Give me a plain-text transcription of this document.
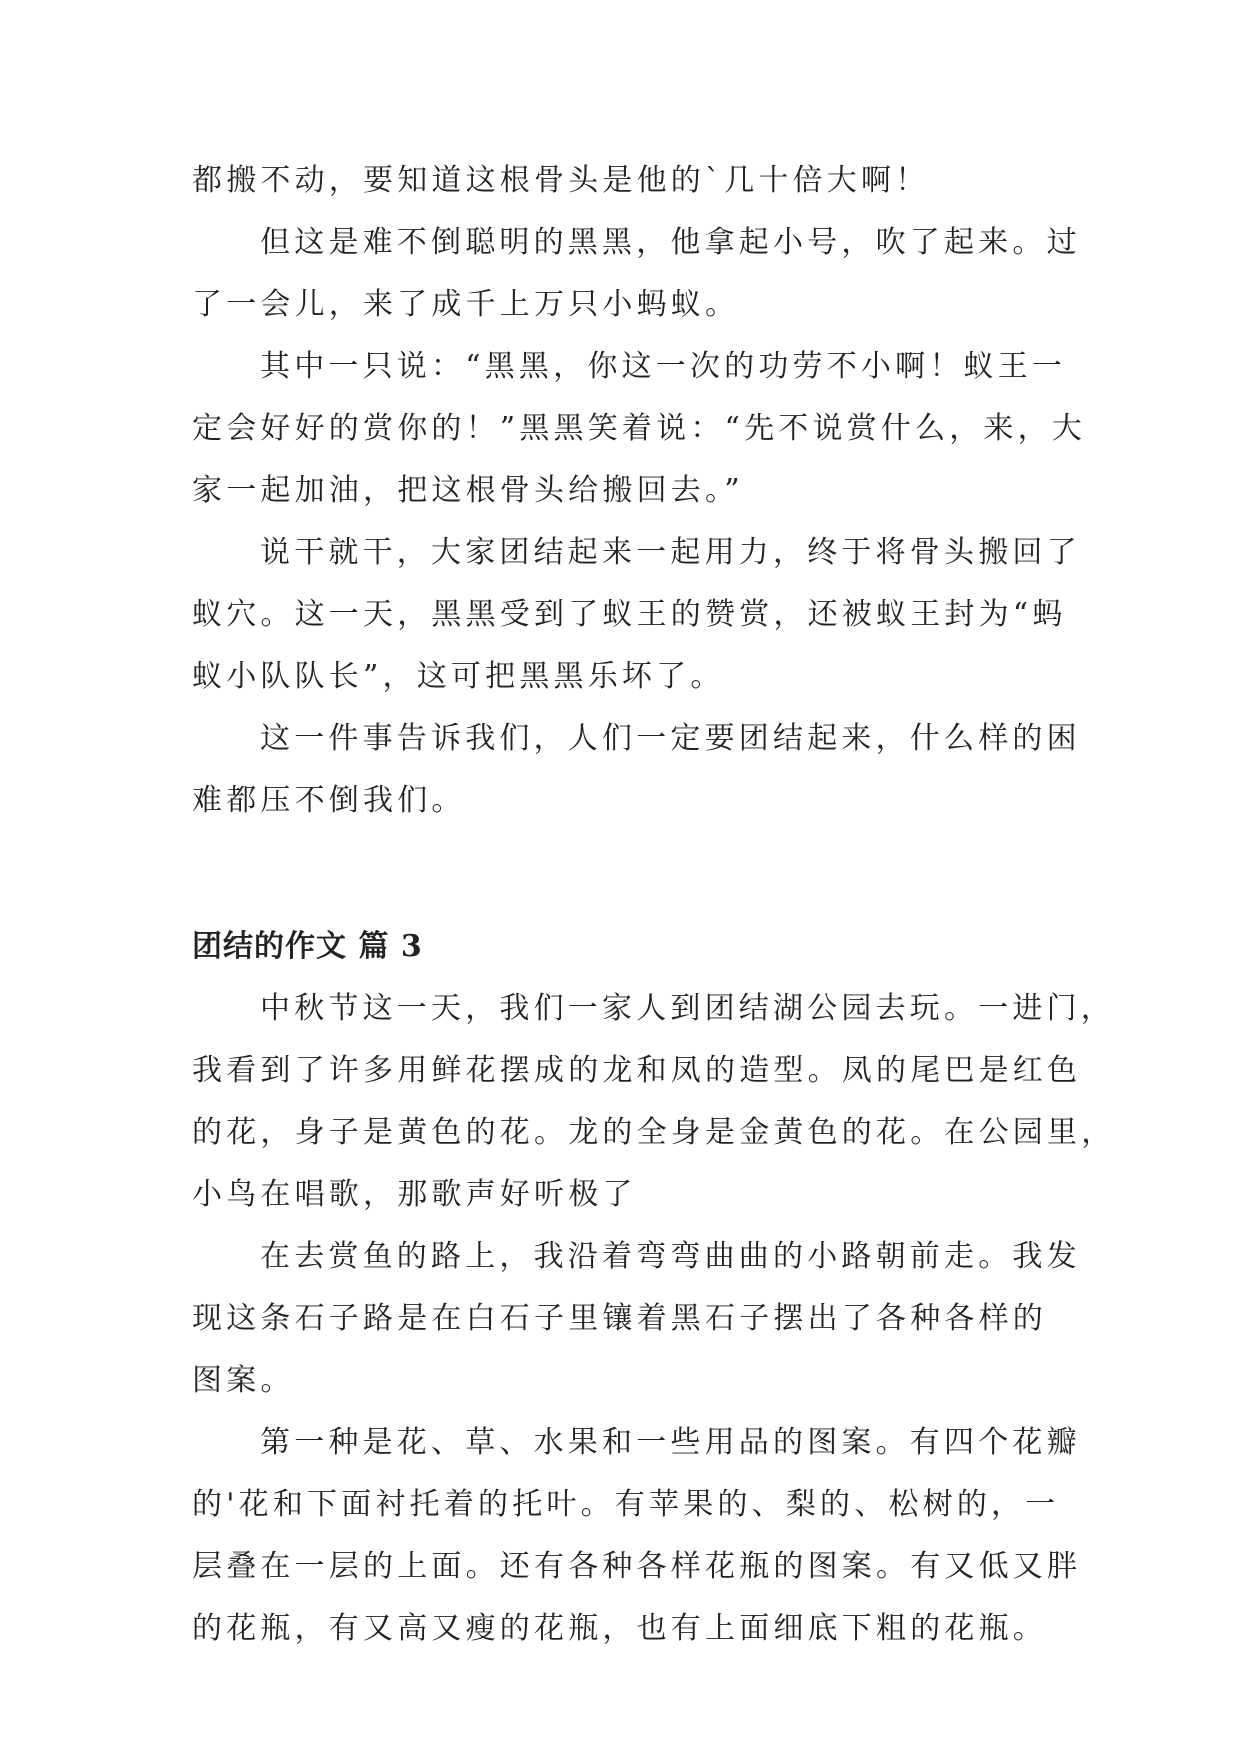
都搬不动，要知道这根骨头是他的`几十倍大啊！

但这是难不倒聪明的黑黑，他拿起小号，吹了起来。过

了一会儿，来了成千上万只小蚂蚁。

其中一只说：“黑黑，你这一次的功劳不小啊！蚁王一

定会好好的赏你的！”黑黑笑着说：“先不说赏什么，来，大

家一起加油，把这根骨头给搬回去。”

说干就干，大家团结起来一起用力，终于将骨头搬回了

蚁穴。这一天，黑黑受到了蚁王的赞赏，还被蚁王封为“蚂

蚁小队队长”，这可把黑黑乐坏了。

这一件事告诉我们，人们一定要团结起来，什么样的困

难都压不倒我们。

团结的作文 篇 3

中秋节这一天，我们一家人到团结湖公园去玩。一进门，

我看到了许多用鲜花摆成的龙和凤的造型。凤的尾巴是红色

的花，身子是黄色的花。龙的全身是金黄色的花。在公园里，

小鸟在唱歌，那歌声好听极了

在去赏鱼的路上，我沿着弯弯曲曲的小路朝前走。我发

现这条石子路是在白石子里镶着黑石子摆出了各种各样的

图案。

第一种是花、草、水果和一些用品的图案。有四个花瓣

的'花和下面衬托着的托叶。有苹果的、梨的、松树的，一

层叠在一层的上面。还有各种各样花瓶的图案。有又低又胖

的花瓶，有又高又瘦的花瓶，也有上面细底下粗的花瓶。
